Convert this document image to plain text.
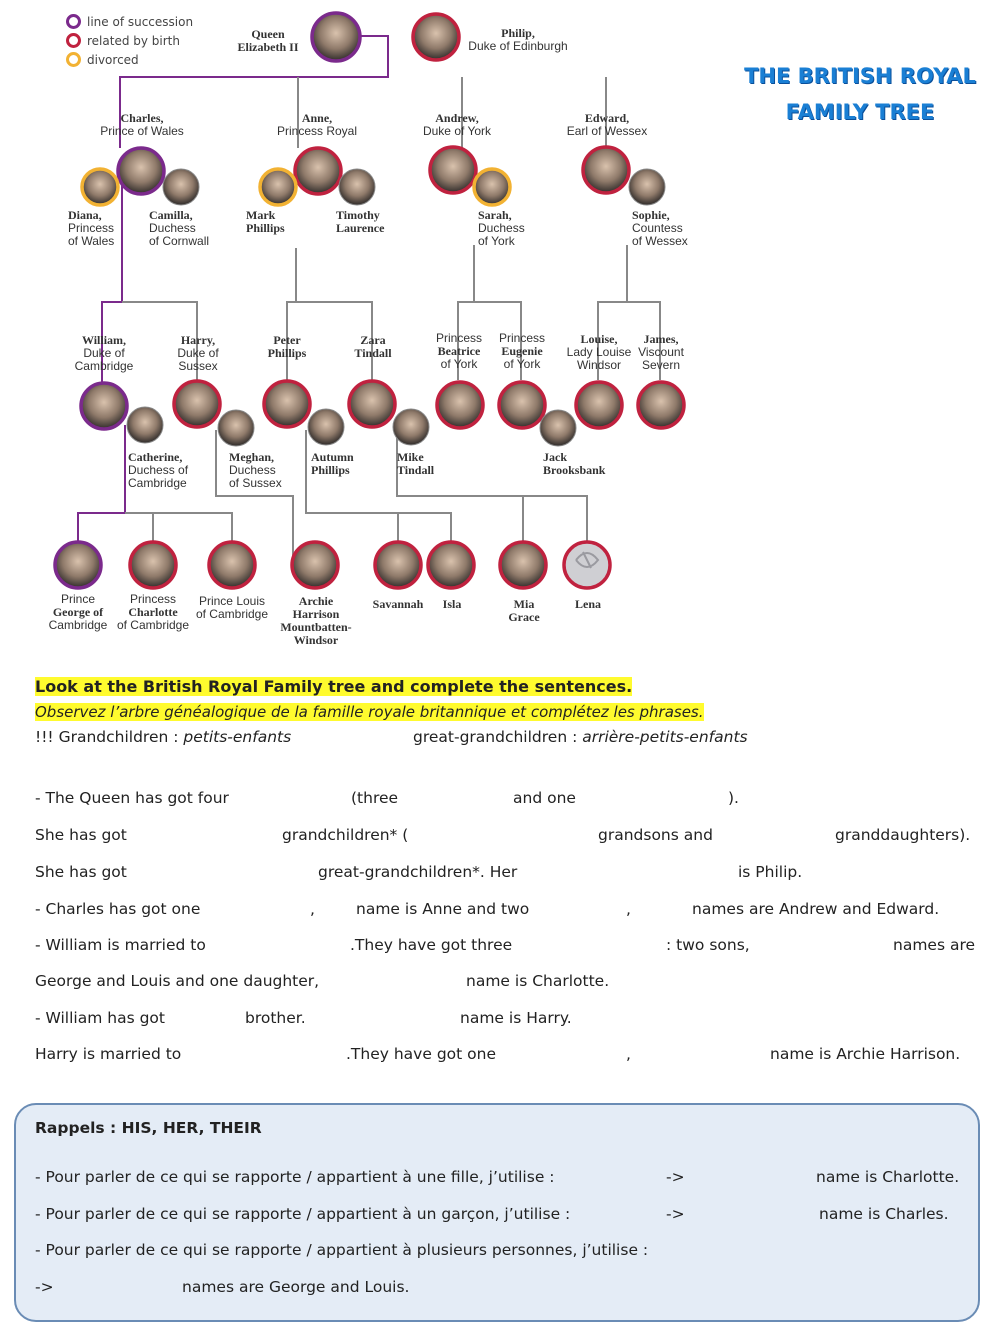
line of succession
related by birth
divorced
THE BRITISH ROYAL
FAMILY TREE
Queen Elizabeth II
Philip, Duke of Edinburgh
Charles, Prince of Wales
Anne, Princess Royal
Andrew, Duke of York
Edward, Earl of Wessex
Diana, Princess of Wales
Camilla, Duchess of Cornwall
Mark Phillips
Timothy Laurence
Sarah, Duchess of York
Sophie, Countess of Wessex
William, Duke of Cambridge
Harry, Duke of Sussex
Peter Phillips
Zara Tindall
Princess Beatrice of York
Princess Eugenie of York
Louise, Lady Louise Windsor
James, Viscount Severn
Catherine, Duchess of Cambridge
Meghan, Duchess of Sussex
Autumn Phillips
Mike Tindall
Jack Brooksbank
Prince George of Cambridge
Princess Charlotte of Cambridge
Prince Louis of Cambridge
Archie Harrison Mountbatten-Windsor
Savannah Isla	Mia Grace
Lena
Look at the British Royal Family tree and complete the sentences.
Observez l’arbre généalogique de la famille royale britannique et complétez les phrases.
!!! Grandchildren : petits-enfants	great-grandchildren : arrière-petits-enfants
- The Queen has got four	(three	and one	).
She has got	grandchildren* (	grandsons and	granddaughters).
She has got	great-grandchildren*. Her	is Philip.
- Charles has got one	,	name is Anne and two	,	names are Andrew and Edward.
- William is married to	.They have got three	: two sons,	names are
George and Louis and one daughter,	name is Charlotte.
- William has got	brother.	name is Harry.
Harry is married to	.They have got one	,	name is Archie Harrison.
Rappels : HIS, HER, THEIR
- Pour parler de ce qui se rapporte / appartient à une fille, j’utilise :	->	name is Charlotte.
- Pour parler de ce qui se rapporte / appartient à un garçon, j’utilise :	->	name is Charles.
- Pour parler de ce qui se rapporte / appartient à plusieurs personnes, j’utilise :
->	names are George and Louis.
